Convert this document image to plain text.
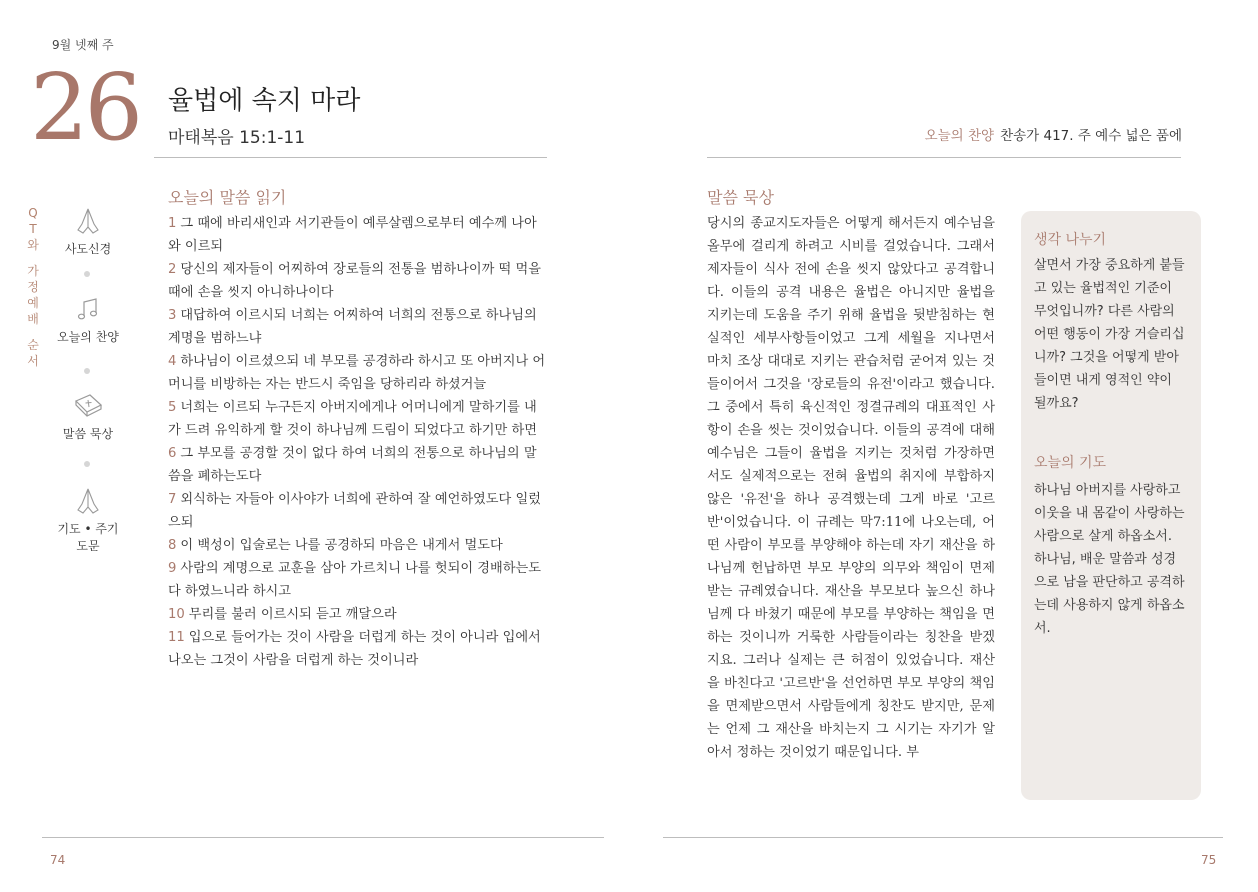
9월 넷째 주
26 율법에 속지 마라
마태복음 15:1-11
Q
T
와
가
정
예
배
순
서
사도신경
오늘의 찬양
말씀 묵상
기도 • 주기도문
오늘의 말씀 읽기
1 그 때에 바리새인과 서기관들이 예루살렘으로부터 예수께 나아와 이르되
2 당신의 제자들이 어찌하여 장로들의 전통을 범하나이까 떡 먹을 때에 손을 씻지 아니하나이다
3 대답하여 이르시되 너희는 어찌하여 너희의 전통으로 하나님의 계명을 범하느냐
4 하나님이 이르셨으되 네 부모를 공경하라 하시고 또 아버지나 어머니를 비방하는 자는 반드시 죽임을 당하리라 하셨거늘
5 너희는 이르되 누구든지 아버지에게나 어머니에게 말하기를 내가 드려 유익하게 할 것이 하나님께 드림이 되었다고 하기만 하면
6 그 부모를 공경할 것이 없다 하여 너희의 전통으로 하나님의 말씀을 폐하는도다
7 외식하는 자들아 이사야가 너희에 관하여 잘 예언하였도다 일렀으되
8 이 백성이 입술로는 나를 공경하되 마음은 내게서 멀도다
9 사람의 계명으로 교훈을 삼아 가르치니 나를 헛되이 경배하는도다 하였느니라 하시고
10 무리를 불러 이르시되 듣고 깨달으라
11 입으로 들어가는 것이 사람을 더럽게 하는 것이 아니라 입에서 나오는 그것이 사람을 더럽게 하는 것이니라
74
오늘의 찬양 찬송가 417. 주 예수 넓은 품에
말씀 묵상
당시의 종교지도자들은 어떻게 해서든지 예수님을 올무에 걸리게 하려고 시비를 걸었습니다. 그래서 제자들이 식사 전에 손을 씻지 않았다고 공격합니다. 이들의 공격 내용은 율법은 아니지만 율법을 지키는데 도움을 주기 위해 율법을 뒷받침하는 현실적인 세부사항들이었고 그게 세월을 지나면서 마치 조상 대대로 지키는 관습처럼 굳어져 있는 것들이어서 그것을 '장로들의 유전'이라고 했습니다. 그 중에서 특히 육신적인 정결규례의 대표적인 사항이 손을 씻는 것이었습니다. 이들의 공격에 대해 예수님은 그들이 율법을 지키는 것처럼 가장하면서도 실제적으로는 전혀 율법의 취지에 부합하지 않은 '유전'을 하나 공격했는데 그게 바로 '고르반'이었습니다. 이 규례는 막7:11에 나오는데, 어떤 사람이 부모를 부양해야 하는데 자기 재산을 하나님께 헌납하면 부모 부양의 의무와 책임이 면제받는 규례였습니다. 재산을 부모보다 높으신 하나님께 다 바쳤기 때문에 부모를 부양하는 책임을 면하는 것이니까 거룩한 사람들이라는 칭찬을 받겠지요. 그러나 실제는 큰 허점이 있었습니다. 재산을 바친다고 '고르반'을 선언하면 부모 부양의 책임을 면제받으면서 사람들에게 칭찬도 받지만, 문제는 언제 그 재산을 바치는지 그 시기는 자기가 알아서 정하는 것이었기 때문입니다. 부
생각 나누기
살면서 가장 중요하게 붙들고 있는 율법적인 기준이 무엇입니까? 다른 사람의 어떤 행동이 가장 거슬리십니까? 그것을 어떻게 받아들이면 내게 영적인 약이 될까요?
오늘의 기도
하나님 아버지를 사랑하고 이웃을 내 몸같이 사랑하는 사람으로 살게 하옵소서. 하나님, 배운 말씀과 성경으로 남을 판단하고 공격하는데 사용하지 않게 하옵소서.
75
